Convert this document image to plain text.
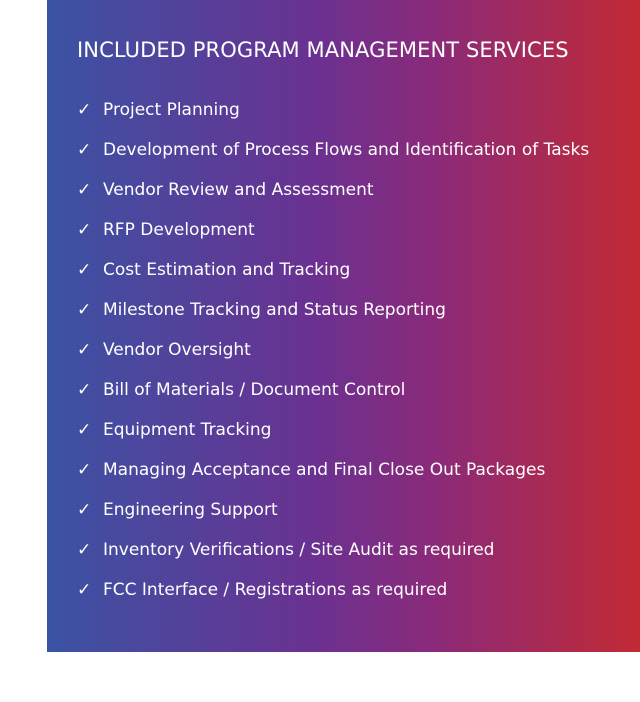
INCLUDED PROGRAM MANAGEMENT SERVICES
✓ Project Planning
✓ Development of Process Flows and Identification of Tasks
✓ Vendor Review and Assessment
✓ RFP Development
✓ Cost Estimation and Tracking
✓ Milestone Tracking and Status Reporting
✓ Vendor Oversight
✓ Bill of Materials / Document Control
✓ Equipment Tracking
✓ Managing Acceptance and Final Close Out Packages
✓ Engineering Support
✓ Inventory Verifications / Site Audit as required
✓ FCC Interface / Registrations as required
